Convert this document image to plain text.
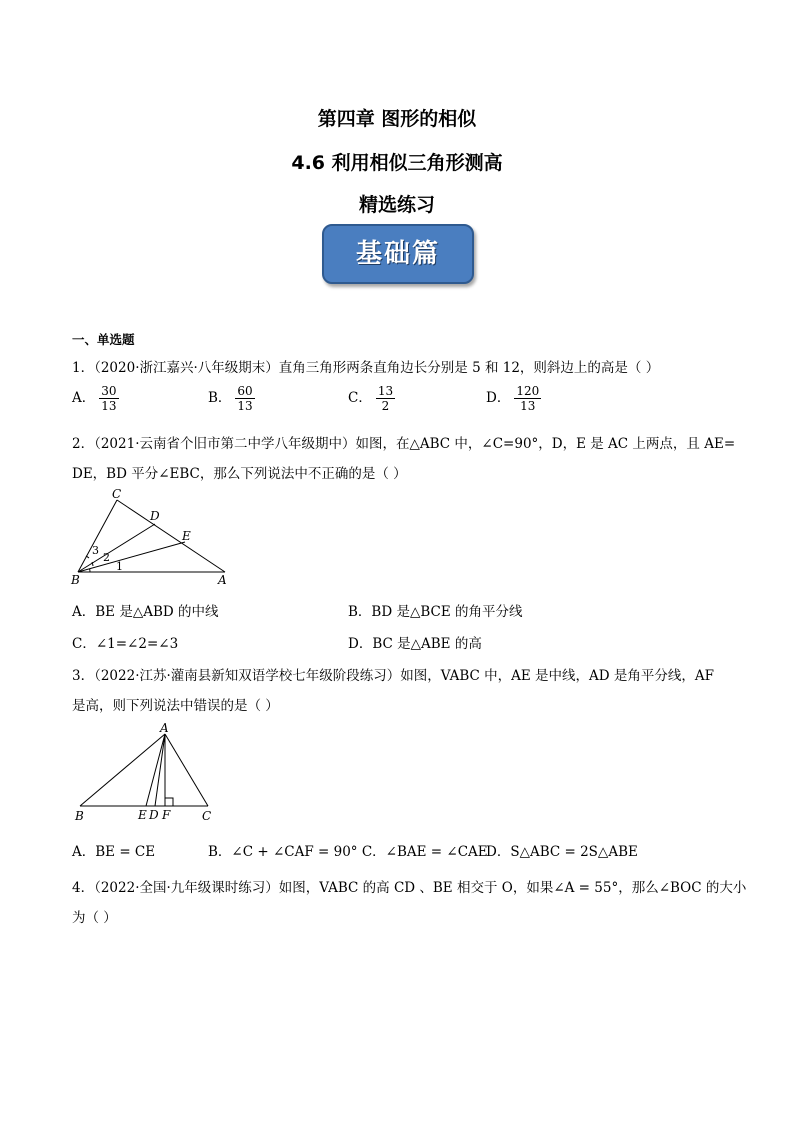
第四章 图形的相似
4.6 利用相似三角形测高
精选练习
基础篇
一、单选题
1．（2020·浙江嘉兴·八年级期末）直角三角形两条直角边长分别是 5 和 12，则斜边上的高是（ ）
A． $\frac{30}{13}$	B． $\frac{60}{13}$	C． $\frac{13}{2}$	D． $\frac{120}{13}$
2．（2021·云南省个旧市第二中学八年级期中）如图，在△ABC 中，∠C=90°，D，E 是 AC 上两点，且 AE=
DE，BD 平分∠EBC，那么下列说法中不正确的是（ ）
C
D
E
B	A
1
2
3
A．BE 是△ABD 的中线	B．BD 是△BCE 的角平分线
C．∠1=∠2=∠3	D．BC 是△ABE 的高
3．（2022·江苏·灌南县新知双语学校七年级阶段练习）如图，VABC 中，AE 是中线，AD 是角平分线，AF
是高，则下列说法中错误的是（ ）
A
B	E D F	C
A．BE = CE	B．∠C + ∠CAF = 90° C．∠BAE = ∠CAE
D．S△ABC = 2S△ABE
4．（2022·全国·九年级课时练习）如图，VABC 的高 CD 、BE 相交于 O，如果∠A = 55°，那么∠BOC 的大小
为（ ）
